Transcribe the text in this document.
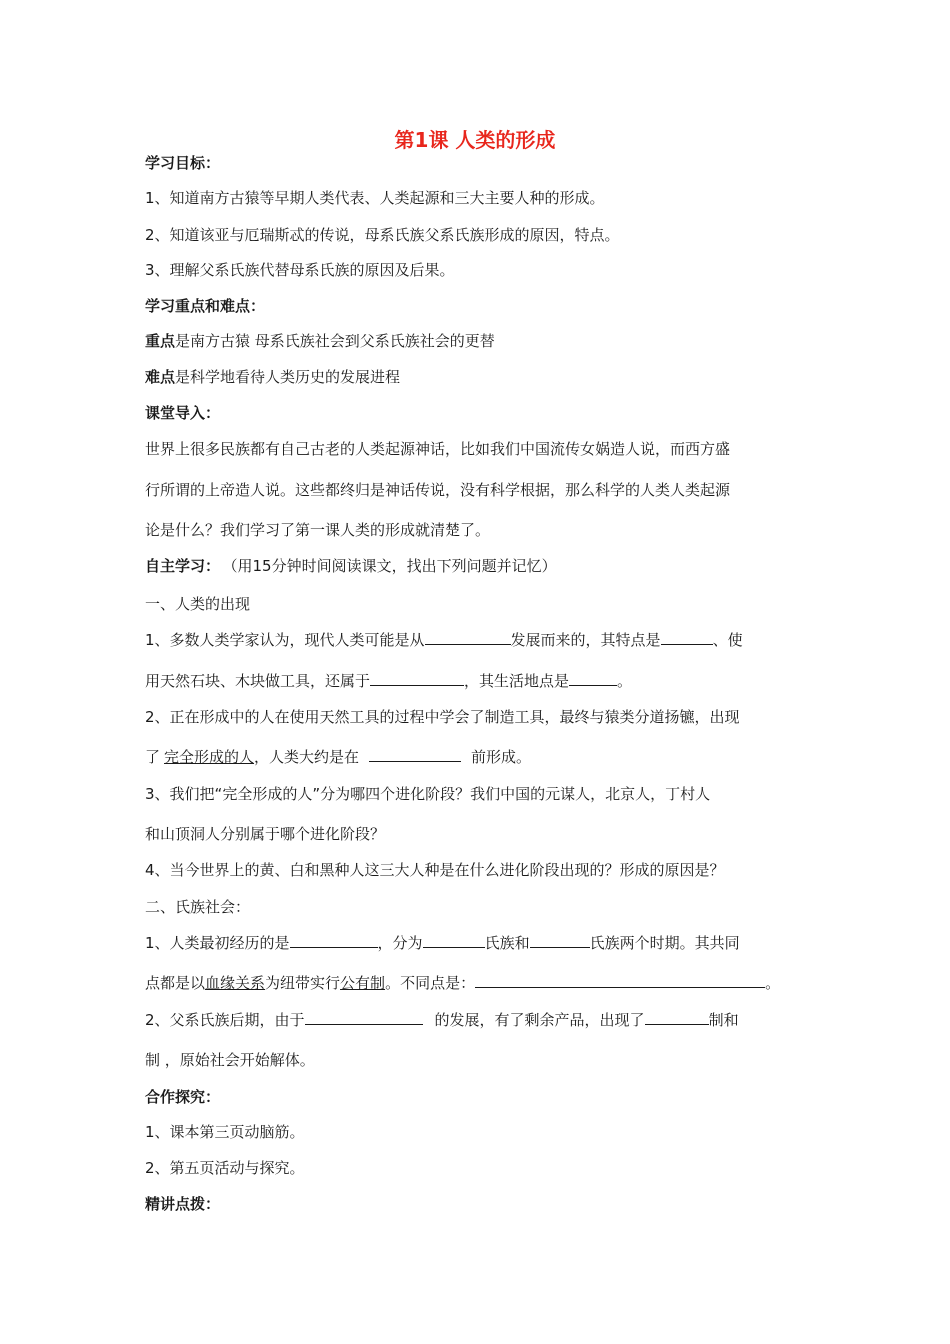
第1课 人类的形成
学习目标：
1、知道南方古猿等早期人类代表、人类起源和三大主要人种的形成。
2、知道该亚与厄瑞斯忒的传说，母系氏族父系氏族形成的原因，特点。
3、理解父系氏族代替母系氏族的原因及后果。
学习重点和难点：
重点是南方古猿 母系氏族社会到父系氏族社会的更替
难点是科学地看待人类历史的发展进程
课堂导入：
世界上很多民族都有自己古老的人类起源神话，比如我们中国流传女娲造人说，而西方盛
行所谓的上帝造人说。这些都终归是神话传说，没有科学根据，那么科学的人类人类起源
论是什么？我们学习了第一课人类的形成就清楚了。
自主学习： （用15分钟时间阅读课文，找出下列问题并记忆）
一、人类的出现
1、多数人类学家认为，现代人类可能是从	发展而来的，其特点是	、使
用天然石块、木块做工具，还属于	，其生活地点是	。
2、正在形成中的人在使用天然工具的过程中学会了制造工具，最终与猿类分道扬镳，出现
了 完全形成的人，人类大约是在	前形成。
3、我们把“完全形成的人”分为哪四个进化阶段？我们中国的元谋人，北京人，丁村人
和山顶洞人分别属于哪个进化阶段？
4、当今世界上的黄、白和黑种人这三大人种是在什么进化阶段出现的？形成的原因是？
二、氏族社会：
1、人类最初经历的是	，分为	氏族和	氏族两个时期。其共同
点都是以血缘关系为纽带实行公有制。不同点是：	。
2、父系氏族后期，由于	的发展，有了剩余产品，出现了	制和
制 ，原始社会开始解体。
合作探究：
1、课本第三页动脑筋。
2、第五页活动与探究。
精讲点拨：
